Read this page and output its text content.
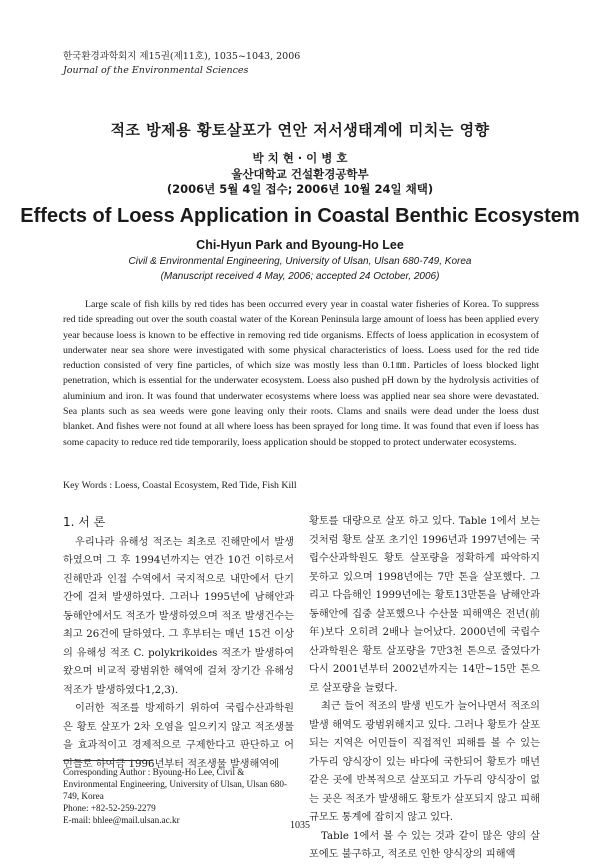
한국환경과학회지 제15권(제11호), 1035~1043, 2006
Journal of the Environmental Sciences
적조 방제용 황토살포가 연안 저서생태계에 미치는 영향
박 치 현 · 이 병 호
울산대학교 건설환경공학부
(2006년 5월 4일 접수; 2006년 10월 24일 채택)
Effects of Loess Application in Coastal Benthic Ecosystem
Chi-Hyun Park and Byoung-Ho Lee
Civil & Environmental Engineering, University of Ulsan, Ulsan 680-749, Korea
(Manuscript received 4 May, 2006; accepted 24 October, 2006)
Large scale of fish kills by red tides has been occurred every year in coastal water fisheries of Korea. To suppress red tide spreading out over the south coastal water of the Korean Peninsula large amount of loess has been applied every year because loess is known to be effective in removing red tide organisms. Effects of loess application in ecosystem of underwater near sea shore were investigated with some physical characteristics of loess. Loess used for the red tide reduction consisted of very fine particles, of which size was mostly less than 0.1㎜. Particles of loess blocked light penetration, which is essential for the underwater ecosystem. Loess also pushed pH down by the hydrolysis activities of aluminium and iron. It was found that underwater ecosystems where loess was applied near sea shore were devastated. Sea plants such as sea weeds were gone leaving only their roots. Clams and snails were dead under the loess dust blanket. And fishes were not found at all where loess has been sprayed for long time. It was found that even if loess has some capacity to reduce red tide temporarily, loess application should be stopped to protect underwater ecosystems.
Key Words : Loess, Coastal Ecosystem, Red Tide, Fish Kill
1. 서 론

우리나라 유해성 적조는 최초로 진해만에서 발생하였으며 그 후 1994년까지는 연간 10건 이하로서 진해만과 인접 수역에서 국지적으로 내만에서 단기간에 걸쳐 발생하였다. 그러나 1995년에 남해안과 동해안에서도 적조가 발생하였으며 적조 발생건수는 최고 26건에 달하였다. 그 후부터는 매년 15건 이상의 유해성 적조 C. polykrikoides 적조가 발생하여 왔으며 비교적 광범위한 해역에 걸쳐 장기간 유해성 적조가 발생하였다1,2,3).

이러한 적조를 방제하기 위하여 국립수산과학원은 황토 살포가 2차 오염을 일으키지 않고 적조생물을 효과적이고 경제적으로 구제한다고 판단하고 어민들로 하여금 1996년부터 적조생물 발생해역에

황토를 대량으로 살포 하고 있다. Table 1에서 보는 것처럼 황토 살포 초기인 1996년과 1997년에는 국립수산과학원도 황토 살포량을 정확하게 파악하지 못하고 있으며 1998년에는 7만 톤을 살포했다. 그리고 다음해인 1999년에는 황토13만톤을 남해안과 동해안에 집중 살포했으나 수산물 피해액은 전년(前年)보다 오히려 2배나 늘어났다. 2000년에 국립수산과학원은 황토 살포량을 7만3천 톤으로 줄였다가 다시 2001년부터 2002년까지는 14만~15만 톤으로 살포량을 늘렸다.

최근 들어 적조의 발생 빈도가 늘어나면서 적조의 발생 해역도 광범위해지고 있다. 그러나 황토가 살포되는 지역은 어민들이 직접적인 피해를 볼 수 있는 가두리 양식장이 있는 바다에 국한되어 황토가 매년 같은 곳에 반복적으로 살포되고 가두리 양식장이 없는 곳은 적조가 발생해도 황토가 살포되지 않고 피해규모도 통계에 잡히지 않고 있다.

Table 1에서 볼 수 있는 것과 같이 많은 양의 살포에도 불구하고, 적조로 인한 양식장의 피해액

Corresponding Author : Byoung-Ho Lee, Civil & Environmental Engineering, University of Ulsan, Ulsan 680-749, Korea
Phone: +82-52-259-2279
E-mail: bhlee@mail.ulsan.ac.kr	1035
